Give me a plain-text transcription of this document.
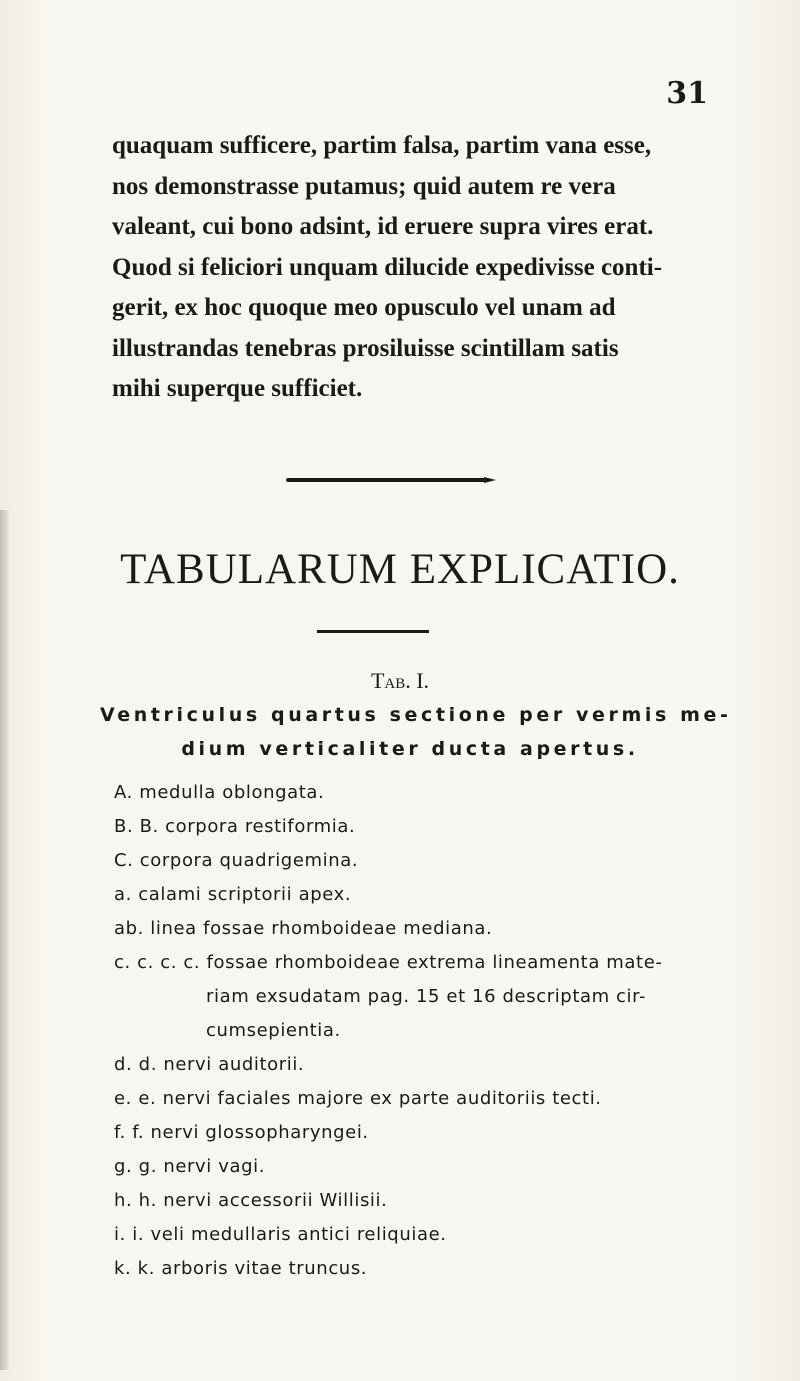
31

quaquam sufficere, partim falsa, partim vana esse,

nos demonstrasse putamus; quid autem re vera

valeant, cui bono adsint, id eruere supra vires erat.

Quod si feliciori unquam dilucide expedivisse conti-

gerit, ex hoc quoque meo opusculo vel unam ad

illustrandas tenebras prosiluisse scintillam satis

mihi superque sufficiet.

TABULARUM EXPLICATIO.
Tab. I.
Ventriculus quartus sectione per vermis me-
dium verticaliter ducta apertus.
A. medulla oblongata.
B. B. corpora restiformia.
C. corpora quadrigemina.
a. calami scriptorii apex.
ab. linea fossae rhomboideae mediana.
c. c. c. c. fossae rhomboideae extrema lineamenta mate-
riam exsudatam pag. 15 et 16 descriptam cir-
cumsepientia.
d. d. nervi auditorii.
e. e. nervi faciales majore ex parte auditoriis tecti.
f. f. nervi glossopharyngei.
g. g. nervi vagi.
h. h. nervi accessorii Willisii.
i. i. veli medullaris antici reliquiae.
k. k. arboris vitae truncus.
